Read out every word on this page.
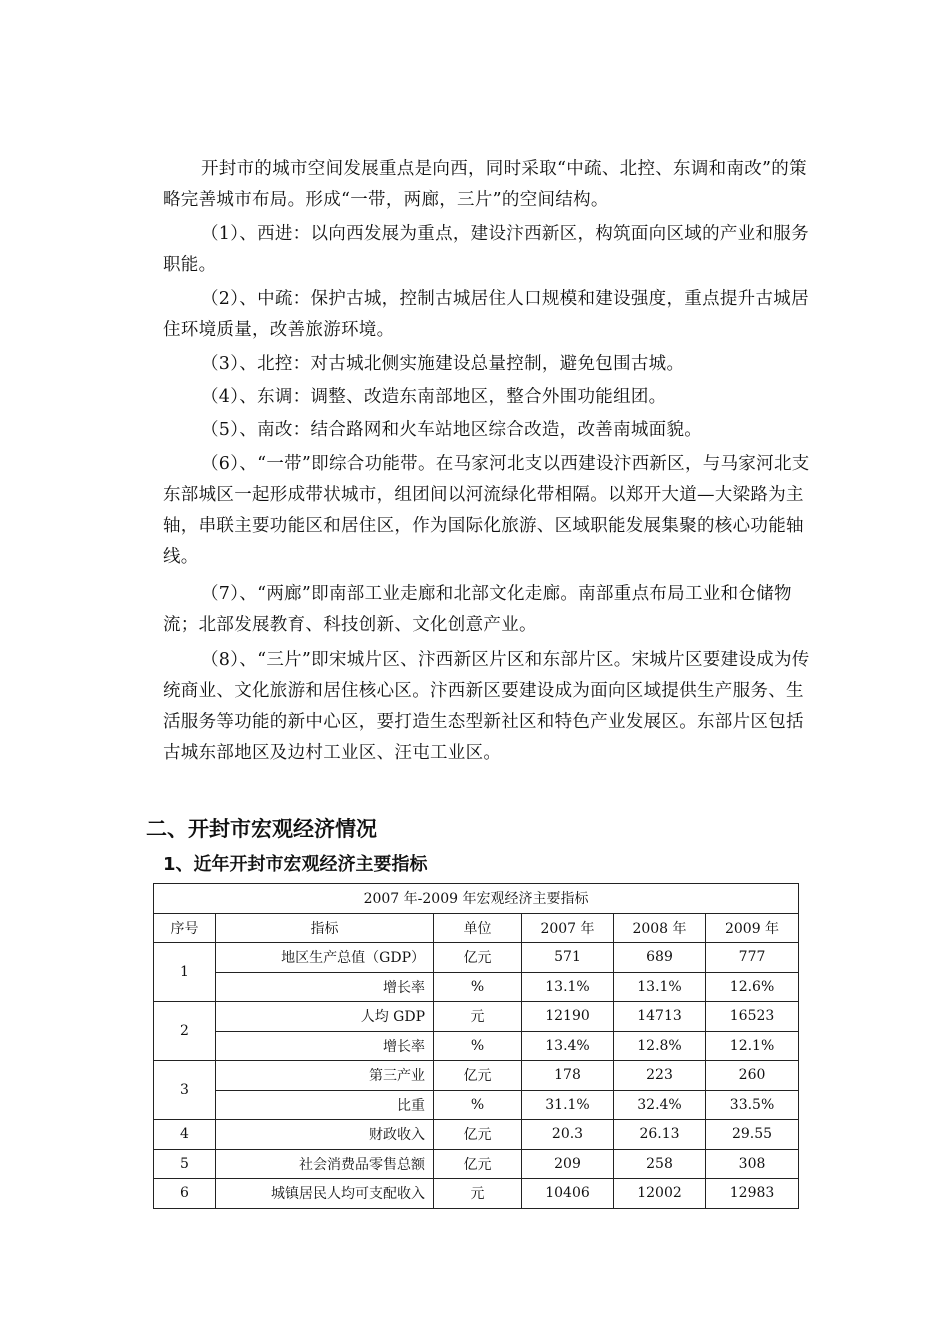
开封市的城市空间发展重点是向西，同时采取“中疏、北控、东调和南改”的策略完善城市布局。形成“一带，两廊，三片”的空间结构。

（1）、西进：以向西发展为重点，建设汴西新区，构筑面向区域的产业和服务职能。

（2）、中疏：保护古城，控制古城居住人口规模和建设强度，重点提升古城居住环境质量，改善旅游环境。

（3）、北控：对古城北侧实施建设总量控制，避免包围古城。

（4）、东调：调整、改造东南部地区，整合外围功能组团。

（5）、南改：结合路网和火车站地区综合改造，改善南城面貌。

（6）、“一带”即综合功能带。在马家河北支以西建设汴西新区，与马家河北支东部城区一起形成带状城市，组团间以河流绿化带相隔。以郑开大道—大梁路为主轴，串联主要功能区和居住区，作为国际化旅游、区域职能发展集聚的核心功能轴线。

（7）、“两廊”即南部工业走廊和北部文化走廊。南部重点布局工业和仓储物流；北部发展教育、科技创新、文化创意产业。

（8）、“三片”即宋城片区、汴西新区片区和东部片区。宋城片区要建设成为传统商业、文化旅游和居住核心区。汴西新区要建设成为面向区域提供生产服务、生活服务等功能的新中心区，要打造生态型新社区和特色产业发展区。东部片区包括古城东部地区及边村工业区、汪屯工业区。

二、开封市宏观经济情况
1、近年开封市宏观经济主要指标
2007 年-2009 年宏观经济主要指标					
序号	指标	单位	2007 年	2008 年	2009 年
1	地区生产总值（GDP）	亿元	571	689	777
	增长率	%	13.1%	13.1%	12.6%
2	人均 GDP	元	12190	14713	16523
	增长率	%	13.4%	12.8%	12.1%
3	第三产业	亿元	178	223	260
	比重	%	31.1%	32.4%	33.5%
4	财政收入	亿元	20.3	26.13	29.55
5	社会消费品零售总额	亿元	209	258	308
6	城镇居民人均可支配收入	元	10406	12002	12983
